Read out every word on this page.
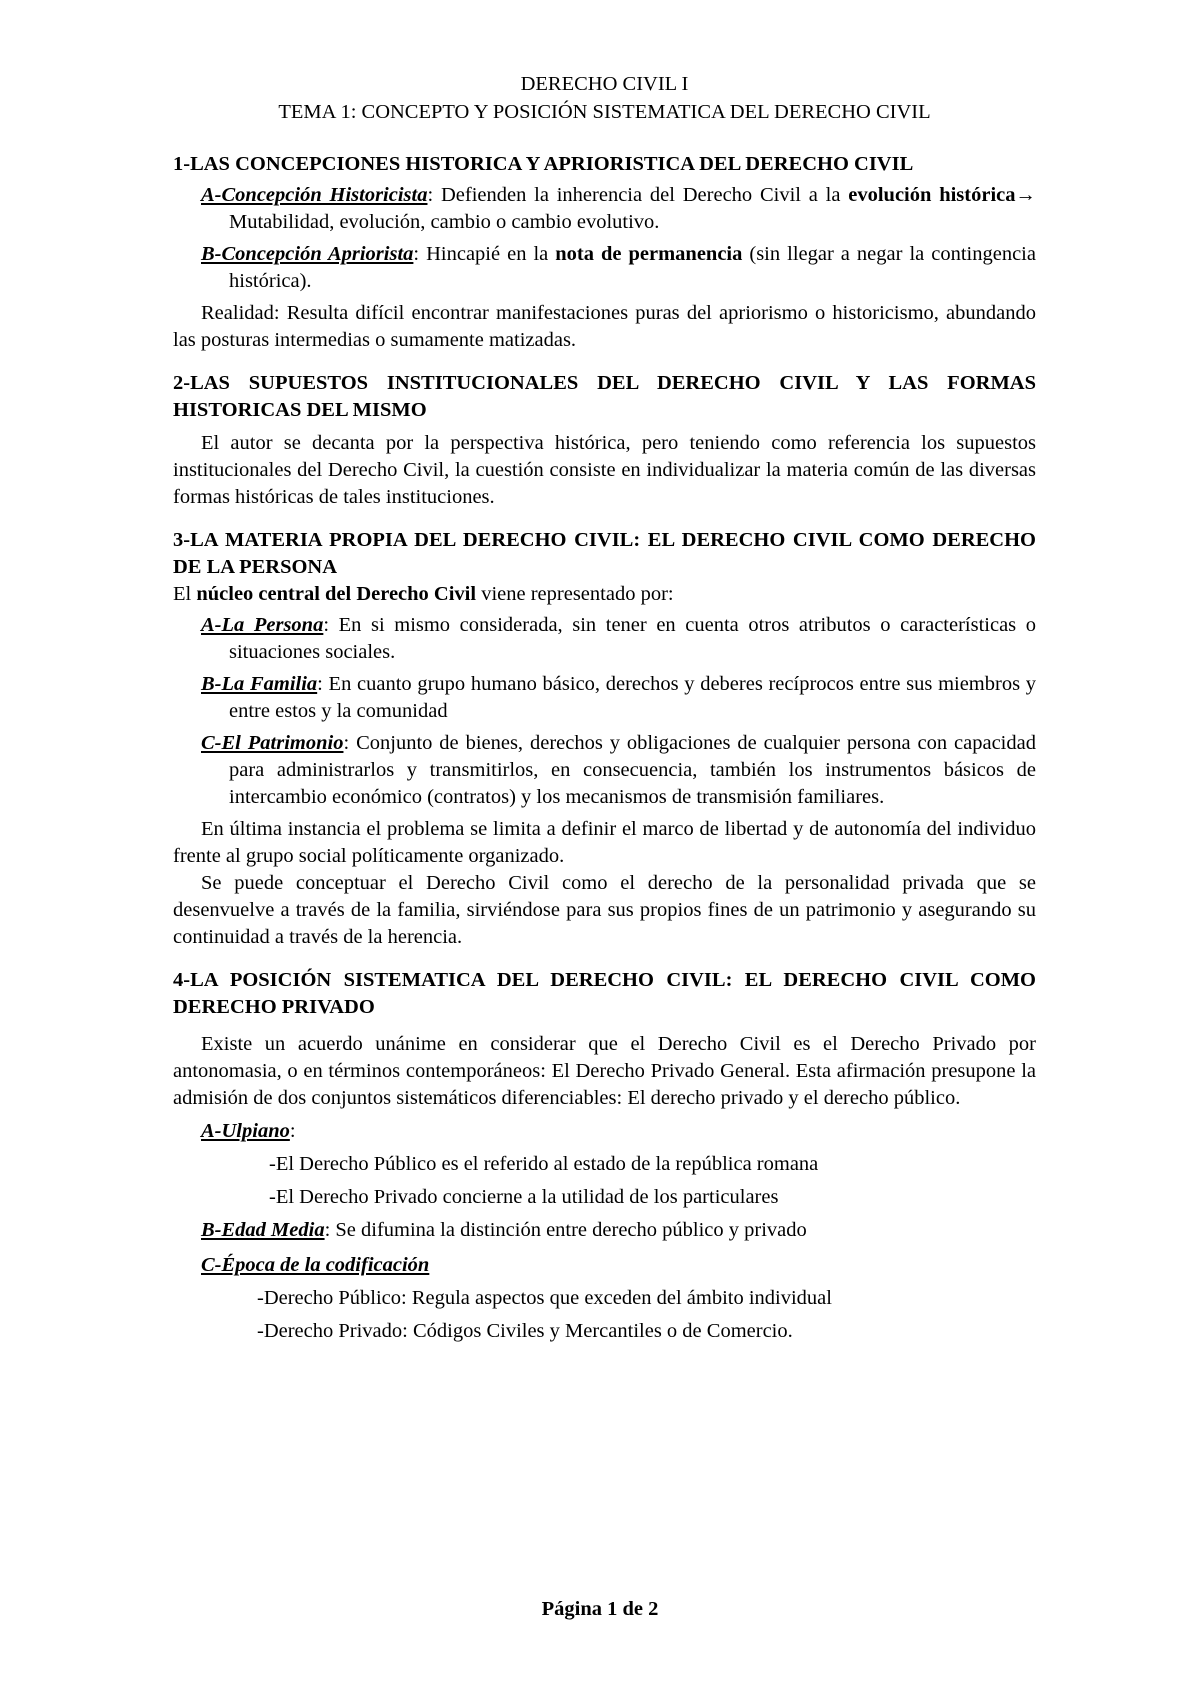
DERECHO CIVIL I

TEMA 1: CONCEPTO Y POSICIÓN SISTEMATICA DEL DERECHO CIVIL

1-LAS CONCEPCIONES HISTORICA Y APRIORISTICA DEL DERECHO CIVIL

A-Concepción Historicista: Defienden la inherencia del Derecho Civil a la evolución histórica→ Mutabilidad, evolución, cambio o cambio evolutivo.

B-Concepción Apriorista: Hincapié en la nota de permanencia (sin llegar a negar la contingencia histórica).

Realidad: Resulta difícil encontrar manifestaciones puras del apriorismo o historicismo, abundando las posturas intermedias o sumamente matizadas.

2-LAS SUPUESTOS INSTITUCIONALES DEL DERECHO CIVIL Y LAS FORMAS HISTORICAS DEL MISMO

El autor se decanta por la perspectiva histórica, pero teniendo como referencia los supuestos institucionales del Derecho Civil, la cuestión consiste en individualizar la materia común de las diversas formas históricas de tales instituciones.

3-LA MATERIA PROPIA DEL DERECHO CIVIL: EL DERECHO CIVIL COMO DERECHO DE LA PERSONA

El núcleo central del Derecho Civil viene representado por:

A-La Persona: En si mismo considerada, sin tener en cuenta otros atributos o características o situaciones sociales.

B-La Familia: En cuanto grupo humano básico, derechos y deberes recíprocos entre sus miembros y entre estos y la comunidad

C-El Patrimonio: Conjunto de bienes, derechos y obligaciones de cualquier persona con capacidad para administrarlos y transmitirlos, en consecuencia, también los instrumentos básicos de intercambio económico (contratos) y los mecanismos de transmisión familiares.

En última instancia el problema se limita a definir el marco de libertad y de autonomía del individuo frente al grupo social políticamente organizado.

Se puede conceptuar el Derecho Civil como el derecho de la personalidad privada que se desenvuelve a través de la familia, sirviéndose para sus propios fines de un patrimonio y asegurando su continuidad a través de la herencia.

4-LA POSICIÓN SISTEMATICA DEL DERECHO CIVIL: EL DERECHO CIVIL COMO DERECHO PRIVADO

Existe un acuerdo unánime en considerar que el Derecho Civil es el Derecho Privado por antonomasia, o en términos contemporáneos: El Derecho Privado General. Esta afirmación presupone la admisión de dos conjuntos sistemáticos diferenciables: El derecho privado y el derecho público.

A-Ulpiano:

-El Derecho Público es el referido al estado de la república romana

-El Derecho Privado concierne a la utilidad de los particulares

B-Edad Media: Se difumina la distinción entre derecho público y privado

C-Época de la codificación

-Derecho Público: Regula aspectos que exceden del ámbito individual

-Derecho Privado: Códigos Civiles y Mercantiles o de Comercio.

Página 1 de 2
